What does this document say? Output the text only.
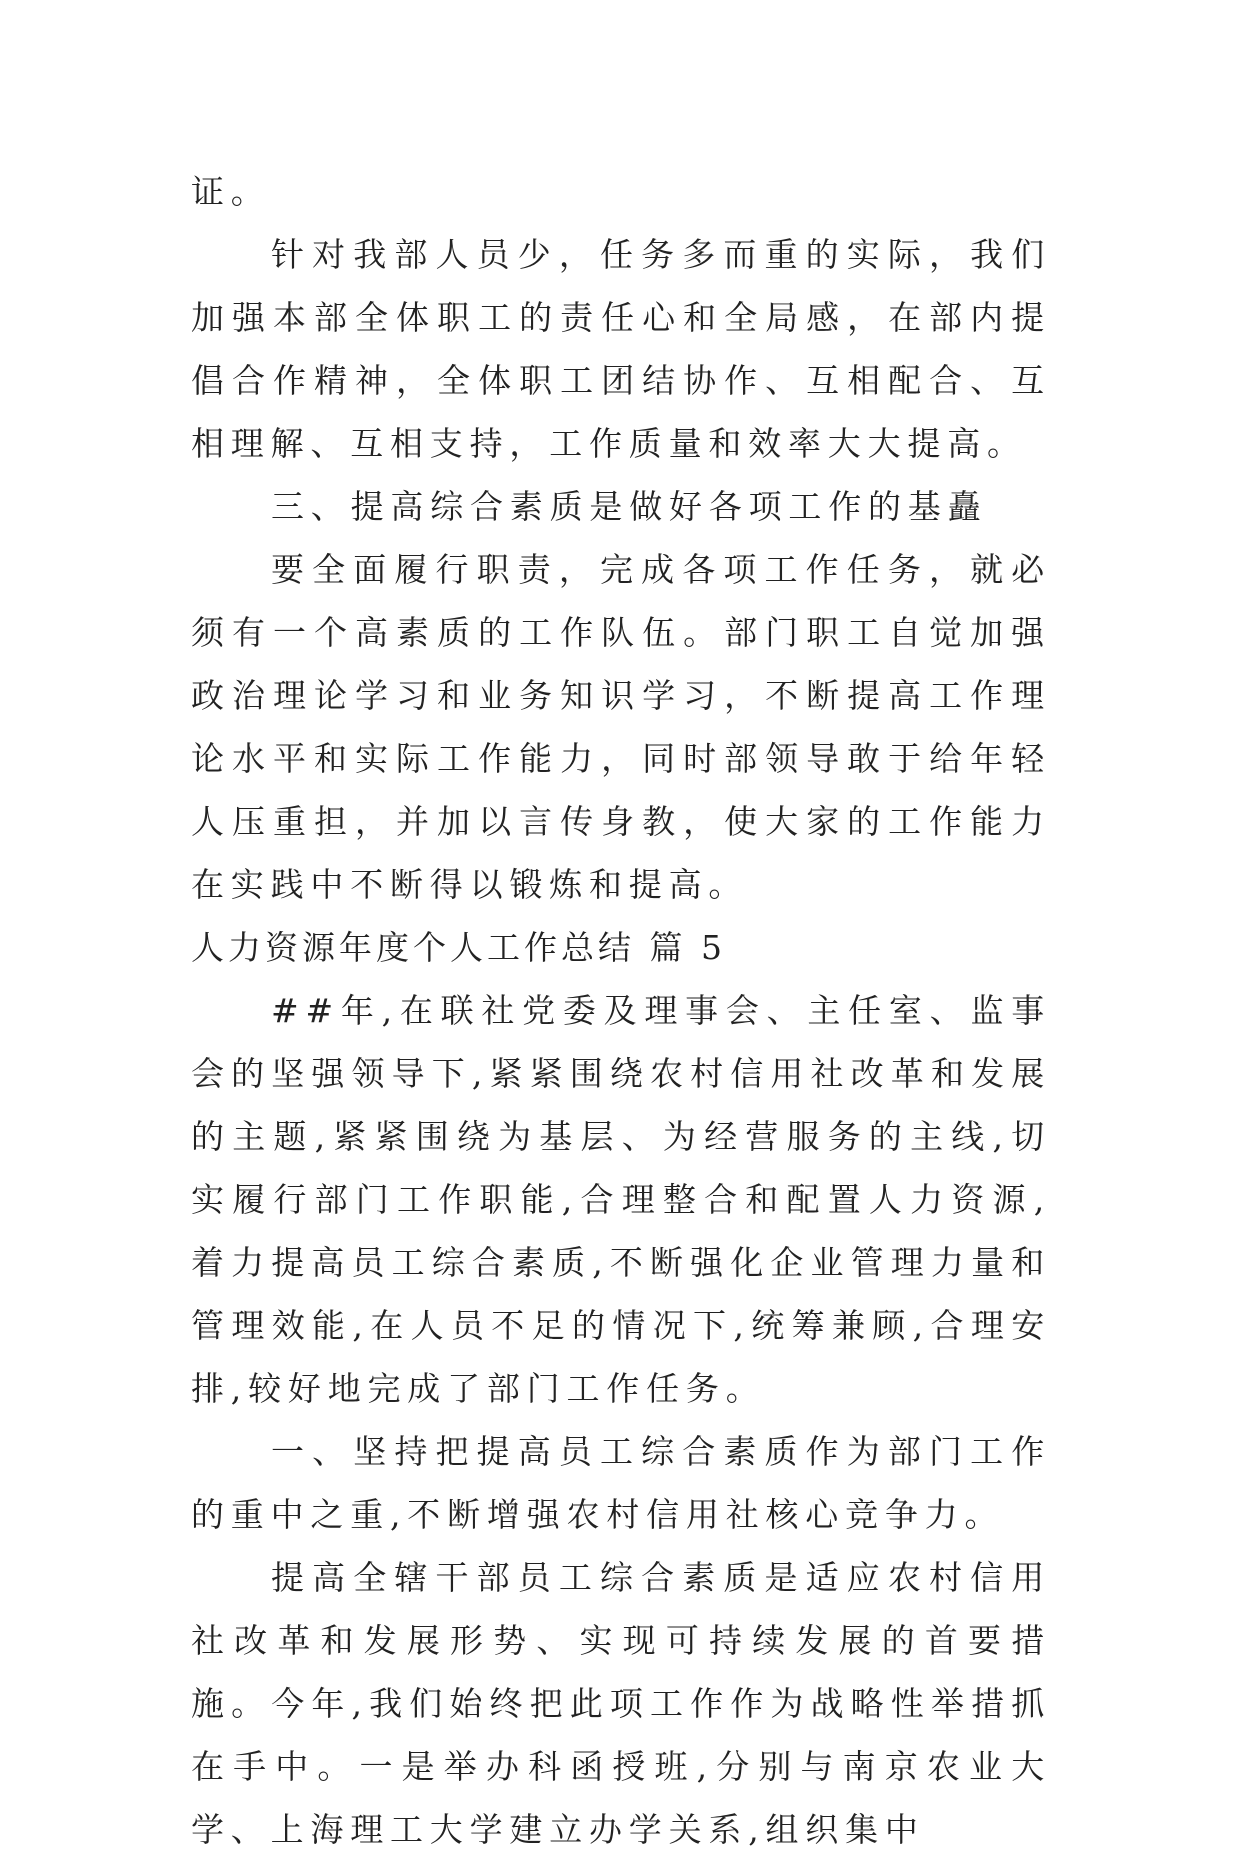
证。

针对我部人员少，任务多而重的实际，我们加强本部全体职工的责任心和全局感，在部内提倡合作精神，全体职工团结协作、互相配合、互相理解、互相支持，工作质量和效率大大提高。

三、提高综合素质是做好各项工作的基矗

要全面履行职责，完成各项工作任务，就必须有一个高素质的工作队伍。部门职工自觉加强政治理论学习和业务知识学习，不断提高工作理论水平和实际工作能力，同时部领导敢于给年轻人压重担，并加以言传身教，使大家的工作能力在实践中不断得以锻炼和提高。

人力资源年度个人工作总结 篇 5

##年,在联社党委及理事会、主任室、监事会的坚强领导下,紧紧围绕农村信用社改革和发展的主题,紧紧围绕为基层、为经营服务的主线,切实履行部门工作职能,合理整合和配置人力资源,着力提高员工综合素质,不断强化企业管理力量和管理效能,在人员不足的情况下,统筹兼顾,合理安排,较好地完成了部门工作任务。

一、坚持把提高员工综合素质作为部门工作的重中之重,不断增强农村信用社核心竞争力。

提高全辖干部员工综合素质是适应农村信用社改革和发展形势、实现可持续发展的首要措施。今年,我们始终把此项工作作为战略性举措抓在手中。一是举办科函授班,分别与南京农业大学、上海理工大学建立办学关系,组织集中
